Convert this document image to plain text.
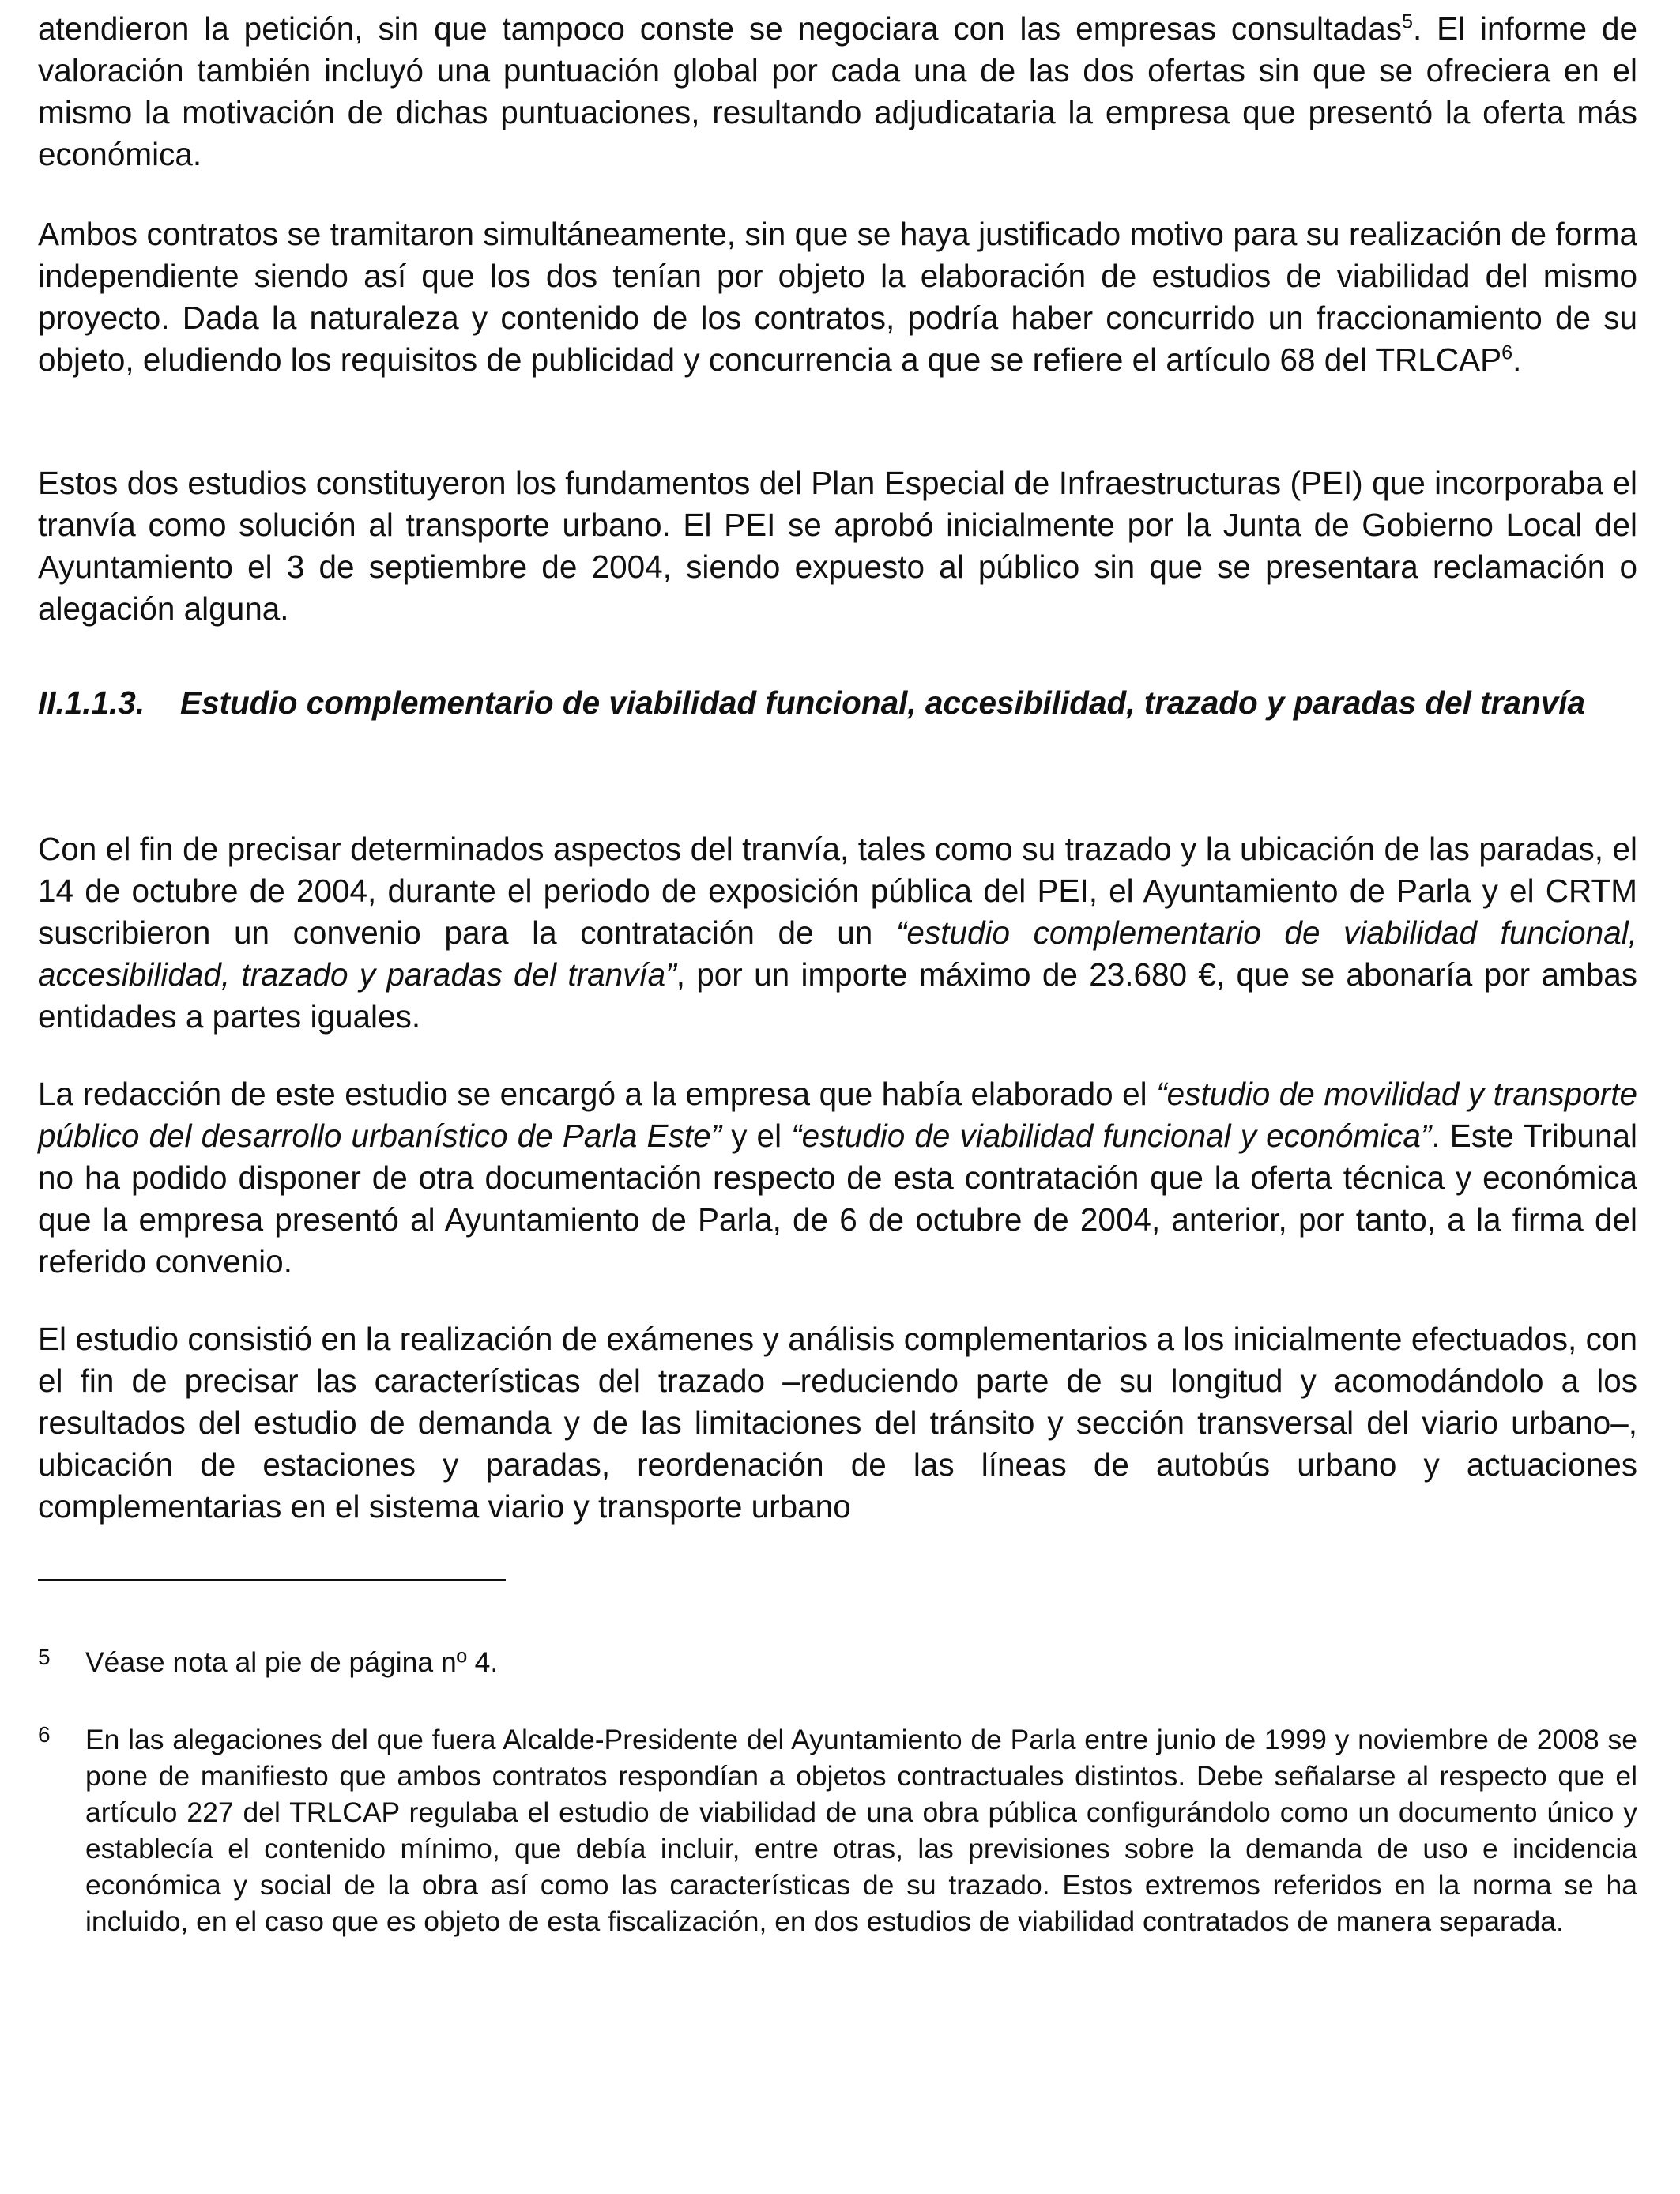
atendieron la petición, sin que tampoco conste se negociara con las empresas consultadas$^5$. El informe de valoración también incluyó una puntuación global por cada una de las dos ofertas sin que se ofreciera en el mismo la motivación de dichas puntuaciones, resultando adjudicataria la empresa que presentó la oferta más económica.

Ambos contratos se tramitaron simultáneamente, sin que se haya justificado motivo para su realización de forma independiente siendo así que los dos tenían por objeto la elaboración de estudios de viabilidad del mismo proyecto. Dada la naturaleza y contenido de los contratos, podría haber concurrido un fraccionamiento de su objeto, eludiendo los requisitos de publicidad y concurrencia a que se refiere el artículo 68 del TRLCAP$^6$.

Estos dos estudios constituyeron los fundamentos del Plan Especial de Infraestructuras (PEI) que incorporaba el tranvía como solución al transporte urbano. El PEI se aprobó inicialmente por la Junta de Gobierno Local del Ayuntamiento el 3 de septiembre de 2004, siendo expuesto al público sin que se presentara reclamación o alegación alguna.

II.1.1.3. Estudio complementario de viabilidad funcional, accesibilidad, trazado y paradas del tranvía

Con el fin de precisar determinados aspectos del tranvía, tales como su trazado y la ubicación de las paradas, el 14 de octubre de 2004, durante el periodo de exposición pública del PEI, el Ayuntamiento de Parla y el CRTM suscribieron un convenio para la contratación de un “estudio complementario de viabilidad funcional, accesibilidad, trazado y paradas del tranvía”, por un importe máximo de 23.680 €, que se abonaría por ambas entidades a partes iguales.

La redacción de este estudio se encargó a la empresa que había elaborado el “estudio de movilidad y transporte público del desarrollo urbanístico de Parla Este” y el “estudio de viabilidad funcional y económica”. Este Tribunal no ha podido disponer de otra documentación respecto de esta contratación que la oferta técnica y económica que la empresa presentó al Ayuntamiento de Parla, de 6 de octubre de 2004, anterior, por tanto, a la firma del referido convenio.

El estudio consistió en la realización de exámenes y análisis complementarios a los inicialmente efectuados, con el fin de precisar las características del trazado –reduciendo parte de su longitud y acomodándolo a los resultados del estudio de demanda y de las limitaciones del tránsito y sección transversal del viario urbano–, ubicación de estaciones y paradas, reordenación de las líneas de autobús urbano y actuaciones complementarias en el sistema viario y transporte urbano

5 Véase nota al pie de página nº 4.
6 En las alegaciones del que fuera Alcalde-Presidente del Ayuntamiento de Parla entre junio de 1999 y noviembre de 2008 se pone de manifiesto que ambos contratos respondían a objetos contractuales distintos. Debe señalarse al respecto que el artículo 227 del TRLCAP regulaba el estudio de viabilidad de una obra pública configurándolo como un documento único y establecía el contenido mínimo, que debía incluir, entre otras, las previsiones sobre la demanda de uso e incidencia económica y social de la obra así como las características de su trazado. Estos extremos referidos en la norma se ha incluido, en el caso que es objeto de esta fiscalización, en dos estudios de viabilidad contratados de manera separada.
